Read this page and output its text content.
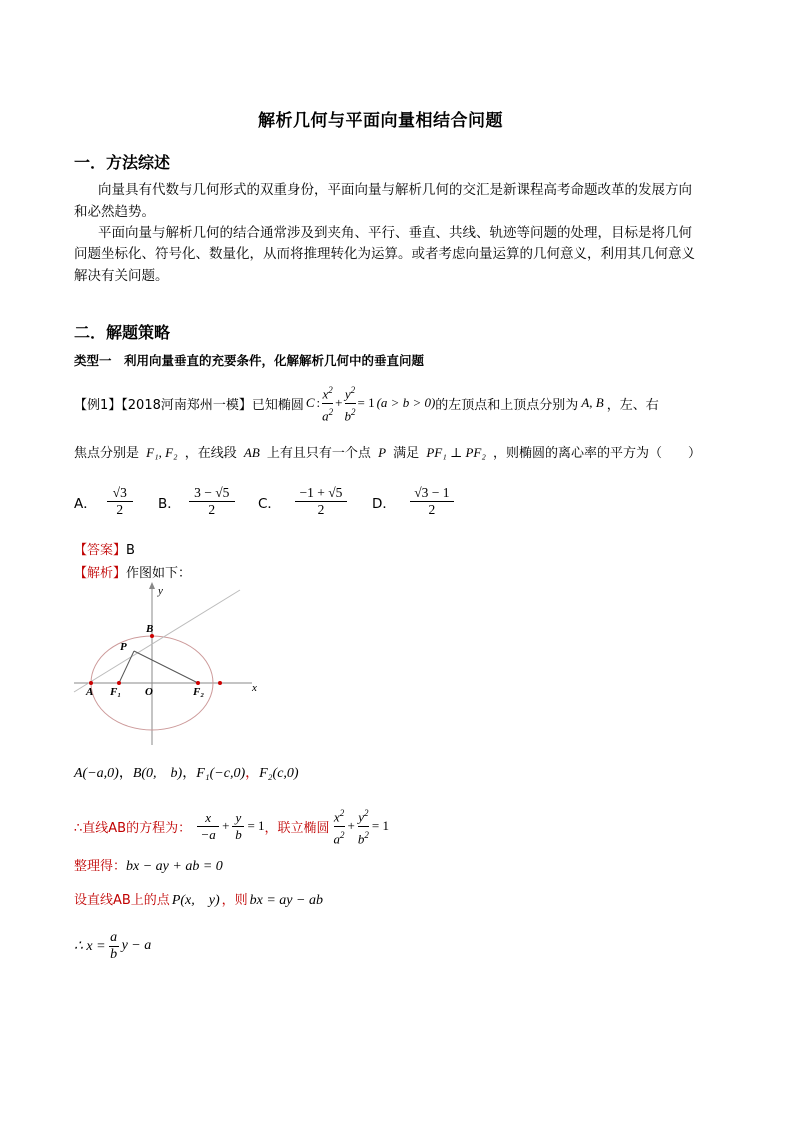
解析几何与平面向量相结合问题
一．方法综述
向量具有代数与几何形式的双重身份，平面向量与解析几何的交汇是新课程高考命题改革的发展方向
和必然趋势。
平面向量与解析几何的结合通常涉及到夹角、平行、垂直、共线、轨迹等问题的处理，目标是将几何
问题坐标化、符号化、数量化，从而将推理转化为运算。或者考虑向量运算的几何意义，利用其几何意义
解决有关问题。
二．解题策略
类型一　利用向量垂直的充要条件，化解解析几何中的垂直问题
【例1】【2018河南郑州一模】已知椭圆 C : $\frac{x^2}{a^2} + \frac{y^2}{b^2} = 1$ (a > b > 0) 的左顶点和上顶点分别为 A, B ，左、右
焦点分别是 F₁, F₂ ，在线段 AB 上有且只有一个点 P 满足 PF₁ ⊥ PF₂ ，则椭圆的离心率的平方为（　　）
A． $\frac{√3}{2}$ B． $\frac{3 - √5}{2}$ C． $\frac{-1 + √5}{2}$ D． $\frac{√3 - 1}{2}$
【答案】B
【解析】作图如下：
y
x
B
P
A F₁ O	F₂
A(−a,0)，B(0,　b)，F₁(−c,0)，F₂(c,0)
∴直线AB的方程为： $\frac{x}{-a} + \frac{y}{b} = 1$ ，联立椭圆 $\frac{x^2}{a^2} + \frac{y^2}{b^2} = 1$
整理得：bx − ay + ab = 0
设直线AB上的点 P(x,　y) ，则 bx = ay − ab
∴ $x = \frac{a}{b}$ y − a
